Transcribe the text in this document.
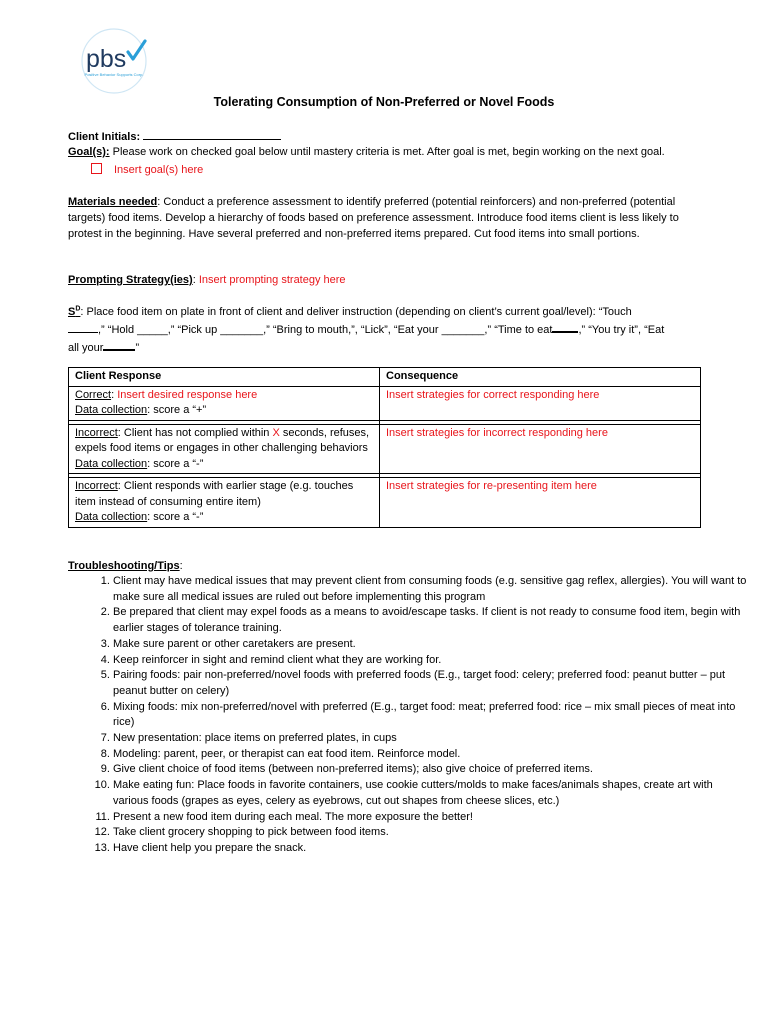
pbs
Positive Behavior Supports Corp.
Tolerating Consumption of Non-Preferred or Novel Foods
Client Initials:
Goal(s): Please work on checked goal below until mastery criteria is met. After goal is met, begin working on the next goal.
Insert goal(s) here
Materials needed: Conduct a preference assessment to identify preferred (potential reinforcers) and non-preferred (potential targets) food items. Develop a hierarchy of foods based on preference assessment. Introduce food items client is less likely to protest in the beginning. Have several preferred and non-preferred items prepared. Cut food items into small portions.
Prompting Strategy(ies): Insert prompting strategy here
$S^D$: Place food item on plate in front of client and deliver instruction (depending on client’s current goal/level): “Touch
,” “Hold _____,” “Pick up _______,” “Bring to mouth,”, “Lick”, “Eat your _______,” “Time to eat ,” “You try it”, “Eat
all your	”
Client Response	Consequence
Correct: Insert desired response here
Data collection: score a “+”	Insert strategies for correct responding here

Incorrect: Client has not complied within X seconds, refuses, expels food items or engages in other challenging behaviors
Data collection: score a “-”	Insert strategies for incorrect responding here

Incorrect: Client responds with earlier stage (e.g. touches item instead of consuming entire item)
Data collection: score a “-”	Insert strategies for re-presenting item here
Troubleshooting/Tips:
1. Client may have medical issues that may prevent client from consuming foods (e.g. sensitive gag reflex, allergies). You will want to make sure all medical issues are ruled out before implementing this program
2. Be prepared that client may expel foods as a means to avoid/escape tasks. If client is not ready to consume food item, begin with earlier stages of tolerance training.
3. Make sure parent or other caretakers are present.
4. Keep reinforcer in sight and remind client what they are working for.
5. Pairing foods: pair non-preferred/novel foods with preferred foods (E.g., target food: celery; preferred food: peanut butter – put peanut butter on celery)
6. Mixing foods: mix non-preferred/novel with preferred (E.g., target food: meat; preferred food: rice – mix small pieces of meat into rice)
7. New presentation: place items on preferred plates, in cups
8. Modeling: parent, peer, or therapist can eat food item. Reinforce model.
9. Give client choice of food items (between non-preferred items); also give choice of preferred items.
10. Make eating fun: Place foods in favorite containers, use cookie cutters/molds to make faces/animals shapes, create art with various foods (grapes as eyes, celery as eyebrows, cut out shapes from cheese slices, etc.)
11. Present a new food item during each meal. The more exposure the better!
12. Take client grocery shopping to pick between food items.
13. Have client help you prepare the snack.
